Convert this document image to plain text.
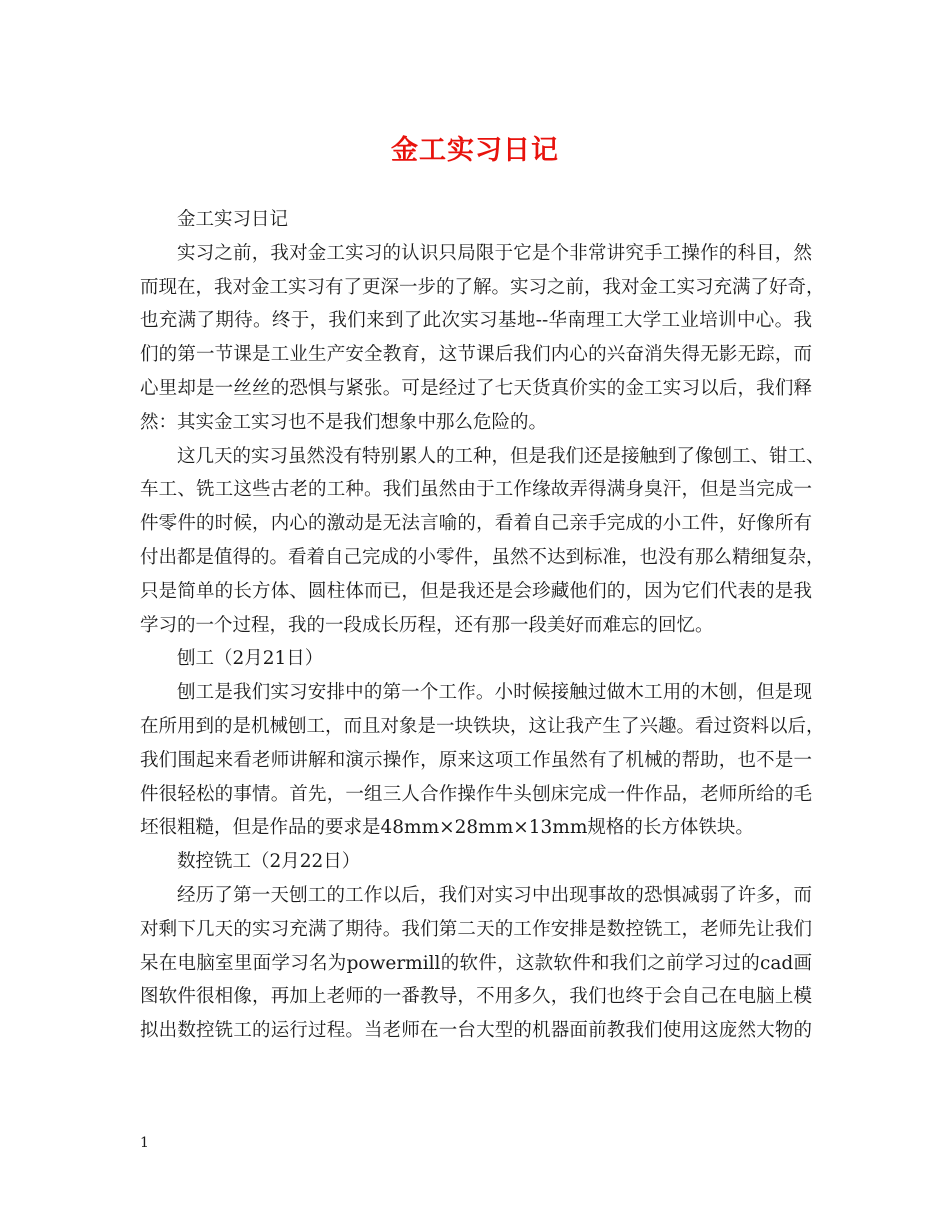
金工实习日记
金工实习日记
实习之前，我对金工实习的认识只局限于它是个非常讲究手工操作的科目，然
而现在，我对金工实习有了更深一步的了解。实习之前，我对金工实习充满了好奇，
也充满了期待。终于，我们来到了此次实习基地--华南理工大学工业培训中心。我
们的第一节课是工业生产安全教育，这节课后我们内心的兴奋消失得无影无踪，而
心里却是一丝丝的恐惧与紧张。可是经过了七天货真价实的金工实习以后，我们释
然：其实金工实习也不是我们想象中那么危险的。
这几天的实习虽然没有特别累人的工种，但是我们还是接触到了像刨工、钳工、
车工、铣工这些古老的工种。我们虽然由于工作缘故弄得满身臭汗，但是当完成一
件零件的时候，内心的激动是无法言喻的，看着自己亲手完成的小工件，好像所有
付出都是值得的。看着自己完成的小零件，虽然不达到标准，也没有那么精细复杂，
只是简单的长方体、圆柱体而已，但是我还是会珍藏他们的，因为它们代表的是我
学习的一个过程，我的一段成长历程，还有那一段美好而难忘的回忆。
刨工（2月21日）
刨工是我们实习安排中的第一个工作。小时候接触过做木工用的木刨，但是现
在所用到的是机械刨工，而且对象是一块铁块，这让我产生了兴趣。看过资料以后，
我们围起来看老师讲解和演示操作，原来这项工作虽然有了机械的帮助，也不是一
件很轻松的事情。首先，一组三人合作操作牛头刨床完成一件作品，老师所给的毛
坯很粗糙，但是作品的要求是48mm×28mm×13mm规格的长方体铁块。
数控铣工（2月22日）
经历了第一天刨工的工作以后，我们对实习中出现事故的恐惧减弱了许多，而
对剩下几天的实习充满了期待。我们第二天的工作安排是数控铣工，老师先让我们
呆在电脑室里面学习名为powermill的软件，这款软件和我们之前学习过的cad画
图软件很相像，再加上老师的一番教导，不用多久，我们也终于会自己在电脑上模
拟出数控铣工的运行过程。当老师在一台大型的机器面前教我们使用这庞然大物的
1
